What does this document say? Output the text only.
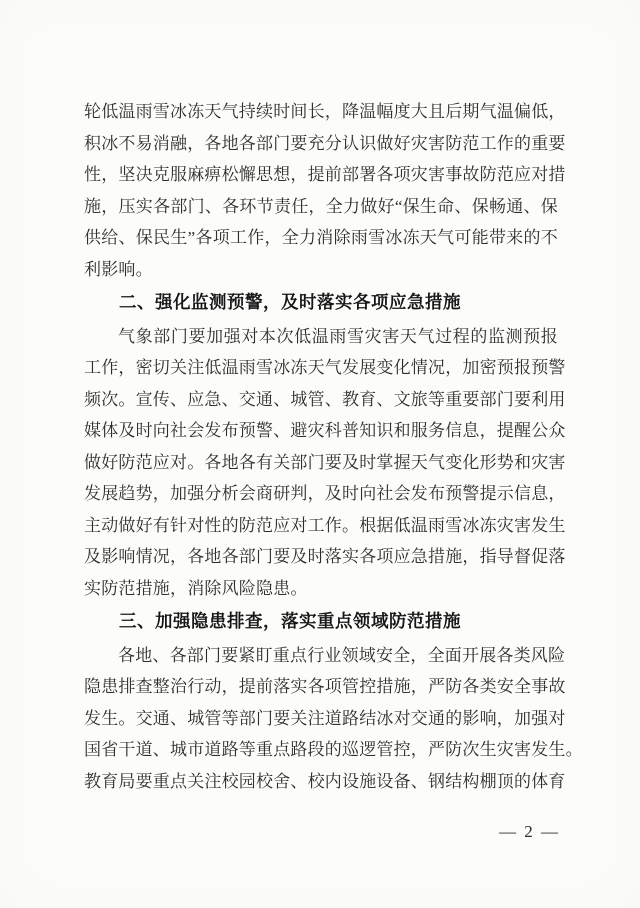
轮低温雨雪冰冻天气持续时间长，降温幅度大且后期气温偏低，
积冰不易消融，各地各部门要充分认识做好灾害防范工作的重要
性，坚决克服麻痹松懈思想，提前部署各项灾害事故防范应对措
施，压实各部门、各环节责任，全力做好“保生命、保畅通、保
供给、保民生”各项工作，全力消除雨雪冰冻天气可能带来的不
利影响。
二、强化监测预警，及时落实各项应急措施
气象部门要加强对本次低温雨雪灾害天气过程的监测预报
工作，密切关注低温雨雪冰冻天气发展变化情况，加密预报预警
频次。宣传、应急、交通、城管、教育、文旅等重要部门要利用
媒体及时向社会发布预警、避灾科普知识和服务信息，提醒公众
做好防范应对。各地各有关部门要及时掌握天气变化形势和灾害
发展趋势，加强分析会商研判，及时向社会发布预警提示信息，
主动做好有针对性的防范应对工作。根据低温雨雪冰冻灾害发生
及影响情况，各地各部门要及时落实各项应急措施，指导督促落
实防范措施，消除风险隐患。
三、加强隐患排查，落实重点领域防范措施
各地、各部门要紧盯重点行业领域安全，全面开展各类风险
隐患排查整治行动，提前落实各项管控措施，严防各类安全事故
发生。交通、城管等部门要关注道路结冰对交通的影响，加强对
国省干道、城市道路等重点路段的巡逻管控，严防次生灾害发生。
教育局要重点关注校园校舍、校内设施设备、钢结构棚顶的体育
— 2 —
